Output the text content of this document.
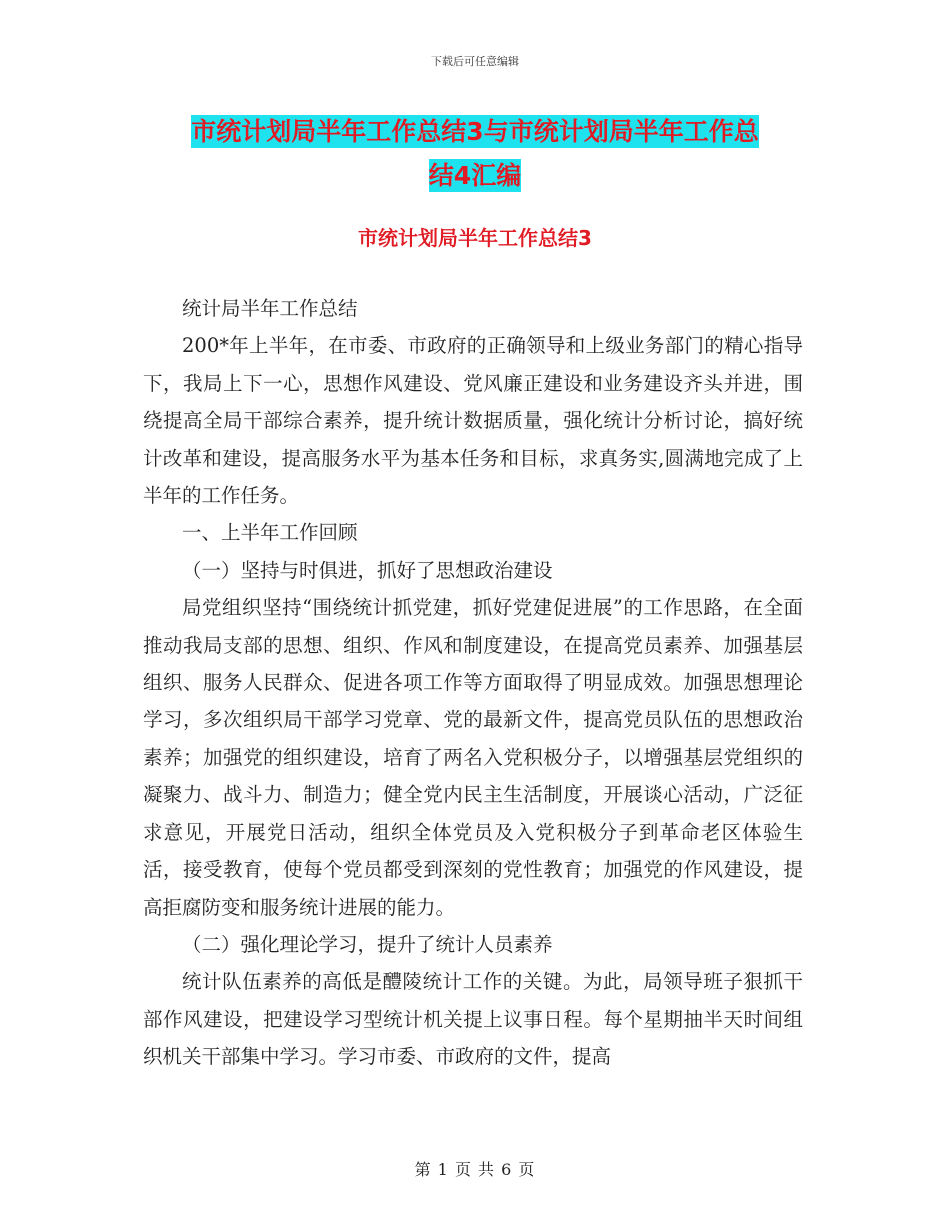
下载后可任意编辑
市统计划局半年工作总结3与市统计划局半年工作总
结4汇编
市统计划局半年工作总结3

统计局半年工作总结

200*年上半年，在市委、市政府的正确领导和上级业务部门的精心指导下，我局上下一心，思想作风建设、党风廉正建设和业务建设齐头并进，围绕提高全局干部综合素养，提升统计数据质量，强化统计分析讨论，搞好统计改革和建设，提高服务水平为基本任务和目标，求真务实,圆满地完成了上半年的工作任务。

一、上半年工作回顾

（一）坚持与时俱进，抓好了思想政治建设

局党组织坚持“围绕统计抓党建，抓好党建促进展”的工作思路，在全面推动我局支部的思想、组织、作风和制度建设，在提高党员素养、加强基层组织、服务人民群众、促进各项工作等方面取得了明显成效。加强思想理论学习，多次组织局干部学习党章、党的最新文件，提高党员队伍的思想政治素养；加强党的组织建设，培育了两名入党积极分子，以增强基层党组织的凝聚力、战斗力、制造力；健全党内民主生活制度，开展谈心活动，广泛征求意见，开展党日活动，组织全体党员及入党积极分子到革命老区体验生活，接受教育，使每个党员都受到深刻的党性教育；加强党的作风建设，提高拒腐防变和服务统计进展的能力。

（二）强化理论学习，提升了统计人员素养

统计队伍素养的高低是醴陵统计工作的关键。为此，局领导班子狠抓干部作风建设，把建设学习型统计机关提上议事日程。每个星期抽半天时间组织机关干部集中学习。学习市委、市政府的文件，提高

第 1 页 共 6 页
